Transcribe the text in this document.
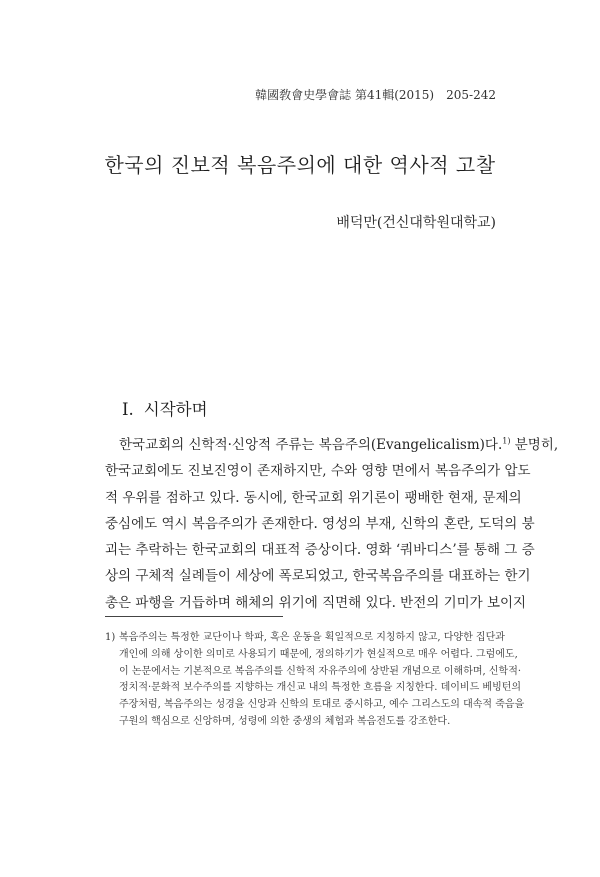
韓國敎會史學會誌 第41輯(2015) 205-242
한국의 진보적 복음주의에 대한 역사적 고찰
배덕만(건신대학원대학교)
Ⅰ. 시작하며
한국교회의 신학적·신앙적 주류는 복음주의(Evangelicalism)다.$^{1)}$ 분명히,
한국교회에도 진보진영이 존재하지만, 수와 영향 면에서 복음주의가 압도
적 우위를 점하고 있다. 동시에, 한국교회 위기론이 팽배한 현재, 문제의
중심에도 역시 복음주의가 존재한다. 영성의 부재, 신학의 혼란, 도덕의 붕
괴는 추락하는 한국교회의 대표적 증상이다. 영화 ‘쿼바디스’를 통해 그 증
상의 구체적 실례들이 세상에 폭로되었고, 한국복음주의를 대표하는 한기
총은 파행을 거듭하며 해체의 위기에 직면해 있다. 반전의 기미가 보이지
1) 복음주의는 특정한 교단이나 학파, 혹은 운동을 획일적으로 지칭하지 않고, 다양한 집단과
개인에 의해 상이한 의미로 사용되기 때문에, 정의하기가 현실적으로 매우 어렵다. 그럼에도,
이 논문에서는 기본적으로 복음주의를 신학적 자유주의에 상반된 개념으로 이해하며, 신학적·
정치적·문화적 보수주의를 지향하는 개신교 내의 특정한 흐름을 지칭한다. 데이비드 베빙턴의
주장처럼, 복음주의는 성경을 신앙과 신학의 토대로 중시하고, 예수 그리스도의 대속적 죽음을
구원의 핵심으로 신앙하며, 성령에 의한 중생의 체험과 복음전도를 강조한다.
